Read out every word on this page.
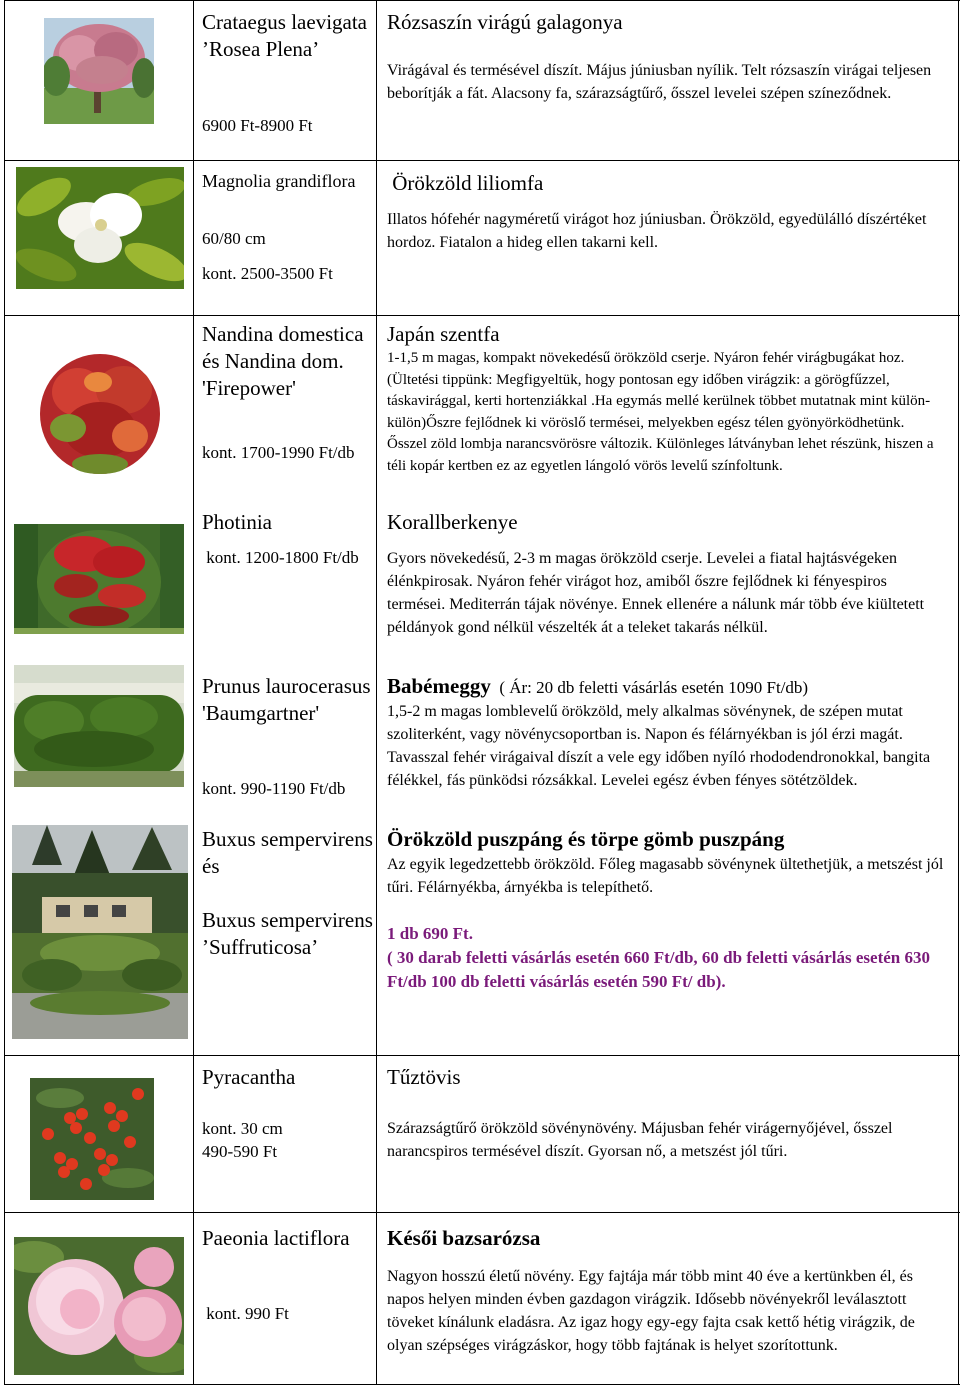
Crataegus laevigata ’Rosea Plena’
6900 Ft-8900 Ft
Rózsaszín virágú galagonya
Virágával és termésével díszít. Május júniusban nyílik. Telt rózsaszín virágai teljesen beborítják a fát. Alacsony fa, szárazságtűrő, ősszel levelei szépen színeződnek.
Magnolia grandiflora
60/80 cm
kont. 2500-3500 Ft
Örökzöld liliomfa
Illatos hófehér nagyméretű virágot hoz júniusban. Örökzöld, egyedülálló díszértéket hordoz. Fiatalon a hideg ellen takarni kell.
Nandina domestica és Nandina dom. 'Firepower'
kont. 1700-1990 Ft/db
Japán szentfa
1-1,5 m magas, kompakt növekedésű örökzöld cserje. Nyáron fehér virágbugákat hoz. (Ültetési tippünk: Megfigyeltük, hogy pontosan egy időben virágzik: a görögfűzzel, táskavirággal, kerti hortenziákkal .Ha egymás mellé kerülnek többet mutatnak mint külön-külön)Őszre fejlődnek ki vöröslő termései, melyekben egész télen gyönyörködhetünk. Ősszel zöld lombja narancsvörösre változik. Különleges látványban lehet részünk, hiszen a téli kopár kertben ez az egyetlen lángoló vörös levelű színfoltunk.
Photinia
kont. 1200-1800 Ft/db
Korallberkenye
Gyors növekedésű, 2-3 m magas örökzöld cserje. Levelei a fiatal hajtásvégeken élénkpirosak. Nyáron fehér virágot hoz, amiből őszre fejlődnek ki fényespiros termései. Mediterrán tájak növénye. Ennek ellenére a nálunk már több éve kiültetett példányok gond nélkül vészelték át a teleket takarás nélkül.
Prunus laurocerasus 'Baumgartner'
kont. 990-1190 Ft/db
Babémeggy  ( Ár: 20 db feletti vásárlás esetén 1090 Ft/db)
1,5-2 m magas lomblevelű örökzöld, mely alkalmas sövénynek, de szépen mutat szoliterként, vagy növénycsoportban is. Napon és félárnyékban is jól érzi magát. Tavasszal fehér virágaival díszít a vele egy időben nyíló rhododendronokkal, bangita félékkel, fás pünködsi rózsákkal. Levelei egész évben fényes sötétzöldek.
Buxus sempervirens és
Buxus sempervirens ’Suffruticosa’
Örökzöld puszpáng és törpe gömb puszpáng
Az egyik legedzettebb örökzöld. Főleg magasabb sövénynek ültethetjük, a metszést jól tűri. Félárnyékba, árnyékba is telepíthető.
1 db 690 Ft.
( 30 darab feletti vásárlás esetén 660 Ft/db, 60 db feletti vásárlás esetén 630 Ft/db 100 db feletti vásárlás esetén 590 Ft/ db).
Pyracantha
kont. 30 cm
490-590 Ft
Tűztövis
Szárazságtűrő örökzöld sövénynövény. Májusban fehér virágernyőjével, ősszel narancspiros termésével díszít. Gyorsan nő, a metszést jól tűri.
Paeonia lactiflora
kont. 990 Ft
Késői bazsarózsa
Nagyon hosszú életű növény. Egy fajtája már több mint 40 éve a kertünkben él, és napos helyen minden évben gazdagon virágzik. Idősebb növényekről leválasztott töveket kínálunk eladásra. Az igaz hogy egy-egy fajta csak kettő hétig virágzik, de olyan szépséges virágzáskor, hogy több fajtának is helyet szorítottunk.
